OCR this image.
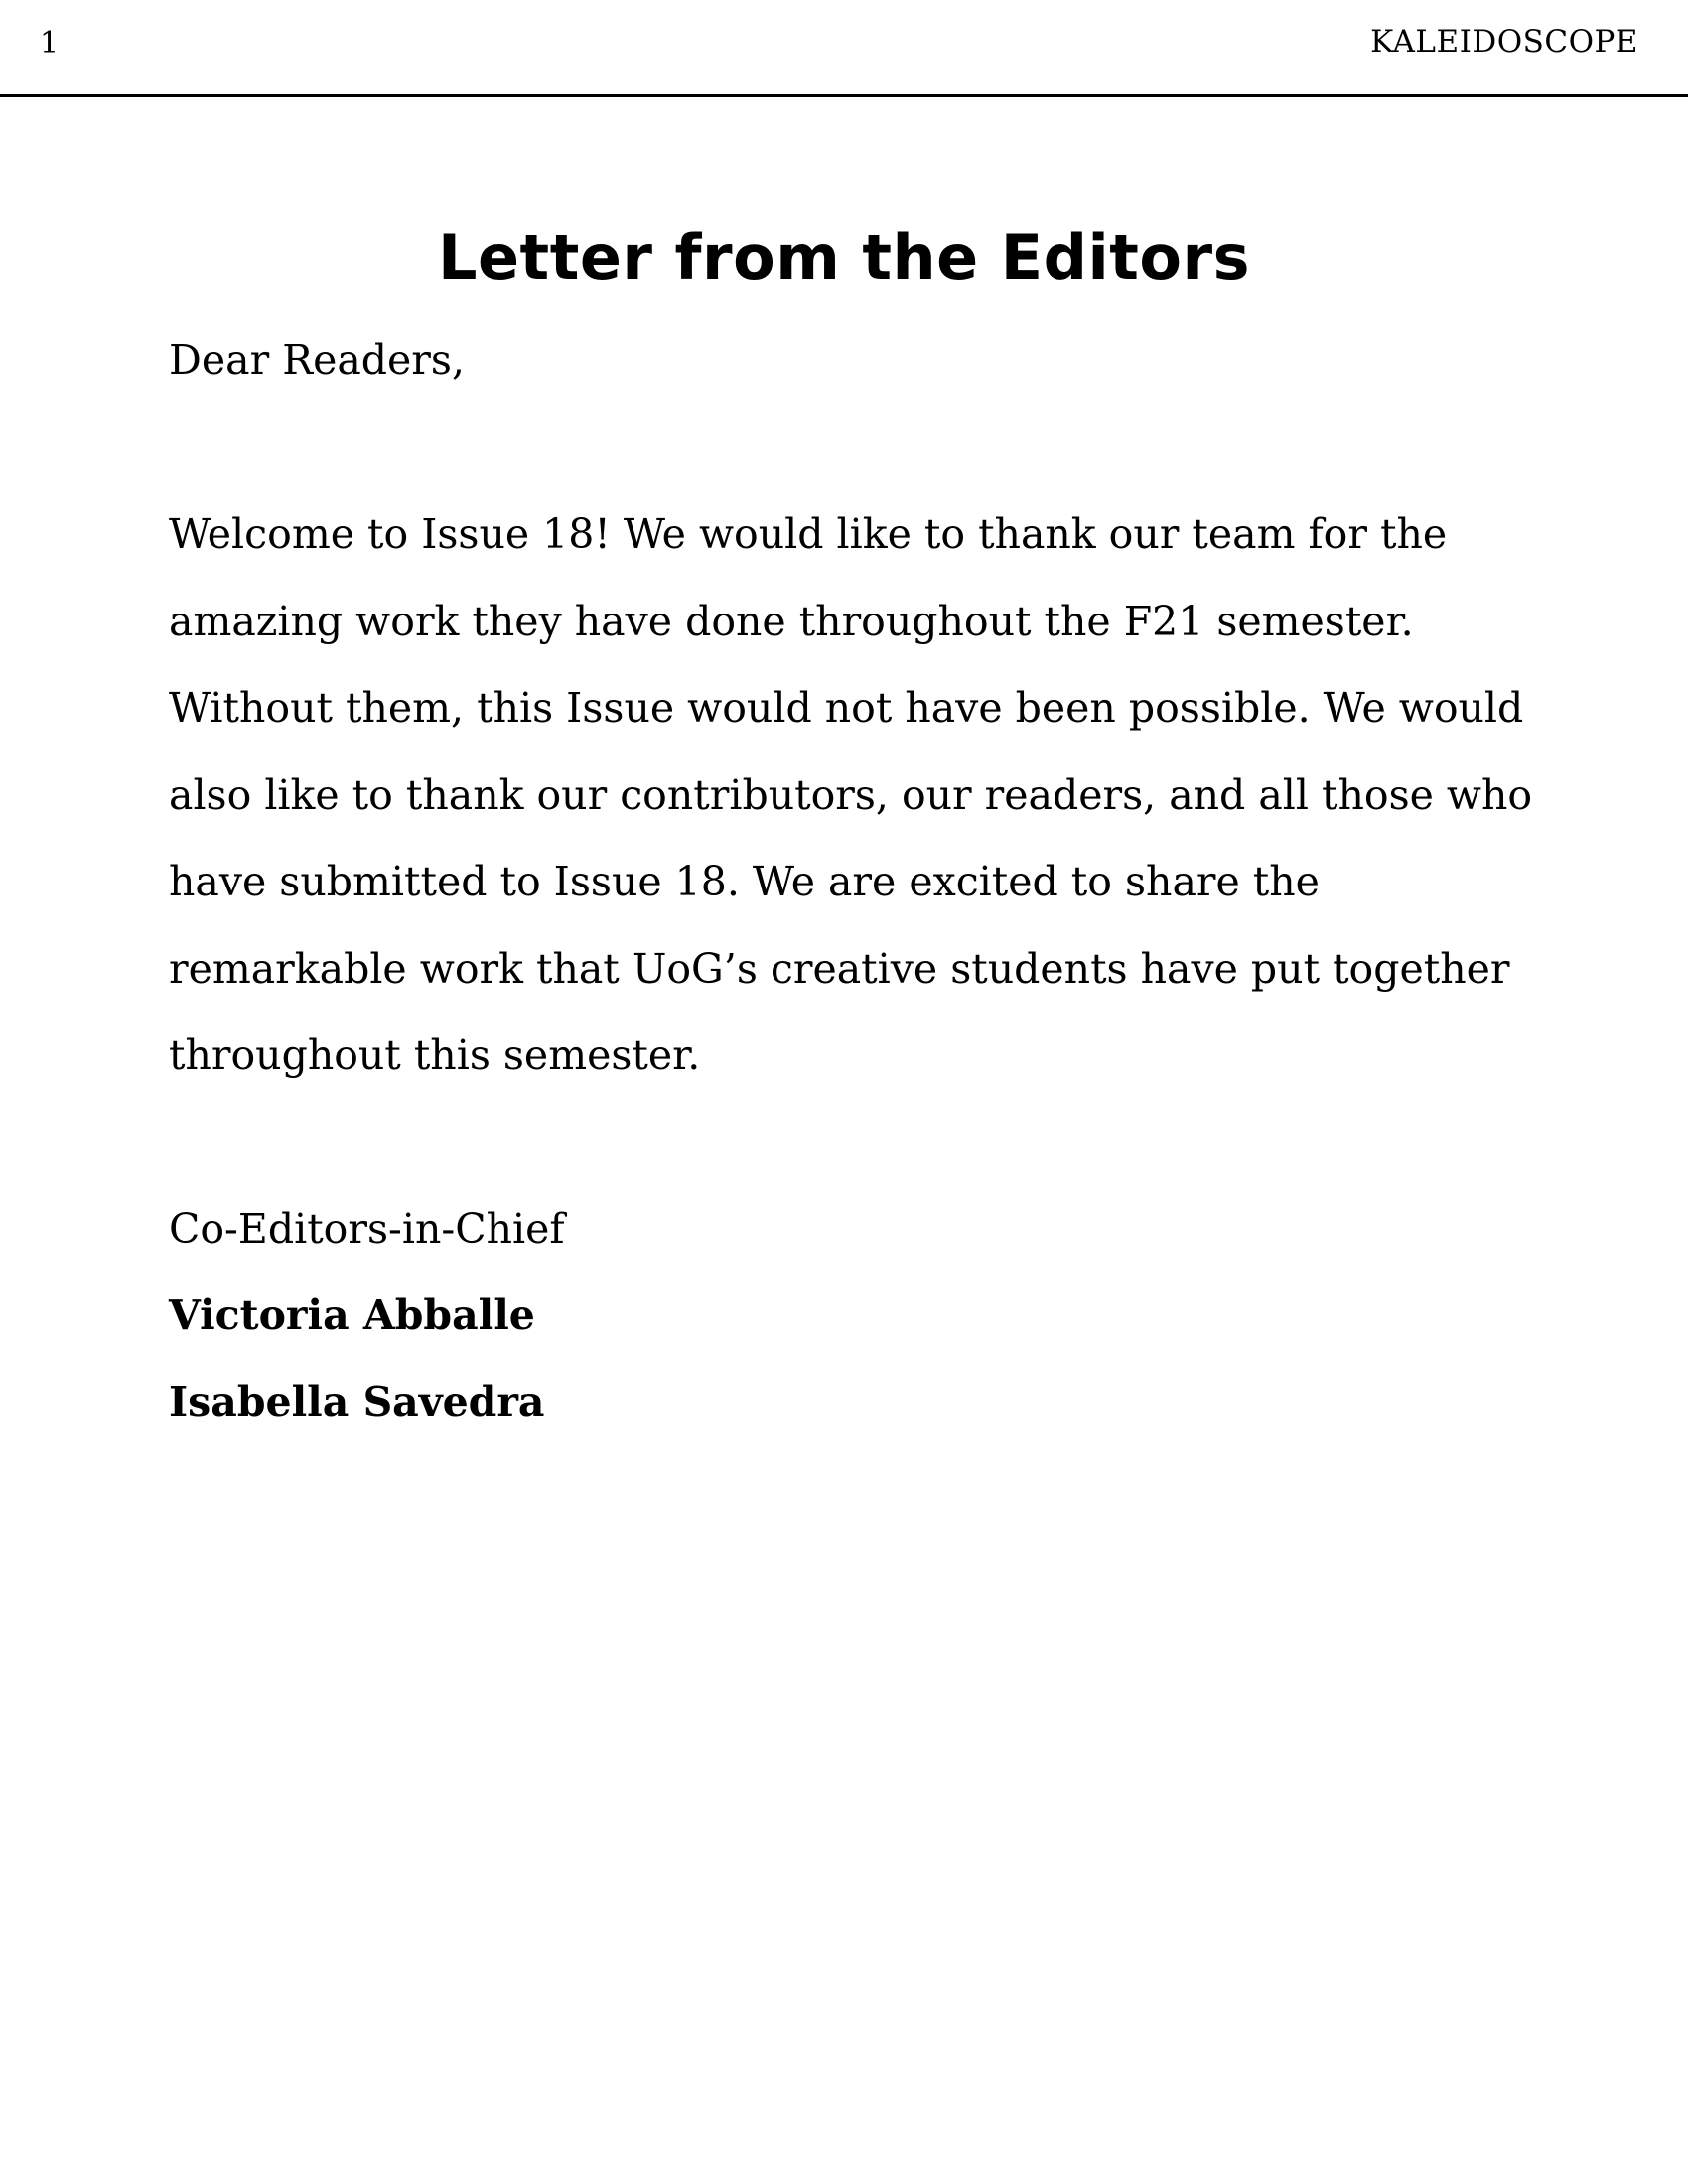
1	KALEIDOSCOPE
Letter from the Editors
Dear Readers,
Welcome to Issue 18! We would like to thank our team for the amazing work they have done throughout the F21 semester. Without them, this Issue would not have been possible. We would also like to thank our contributors, our readers, and all those who have submitted to Issue 18. We are excited to share the remarkable work that UoG’s creative students have put together throughout this semester.
Co-Editors-in-Chief
Victoria Abballe
Isabella Savedra
